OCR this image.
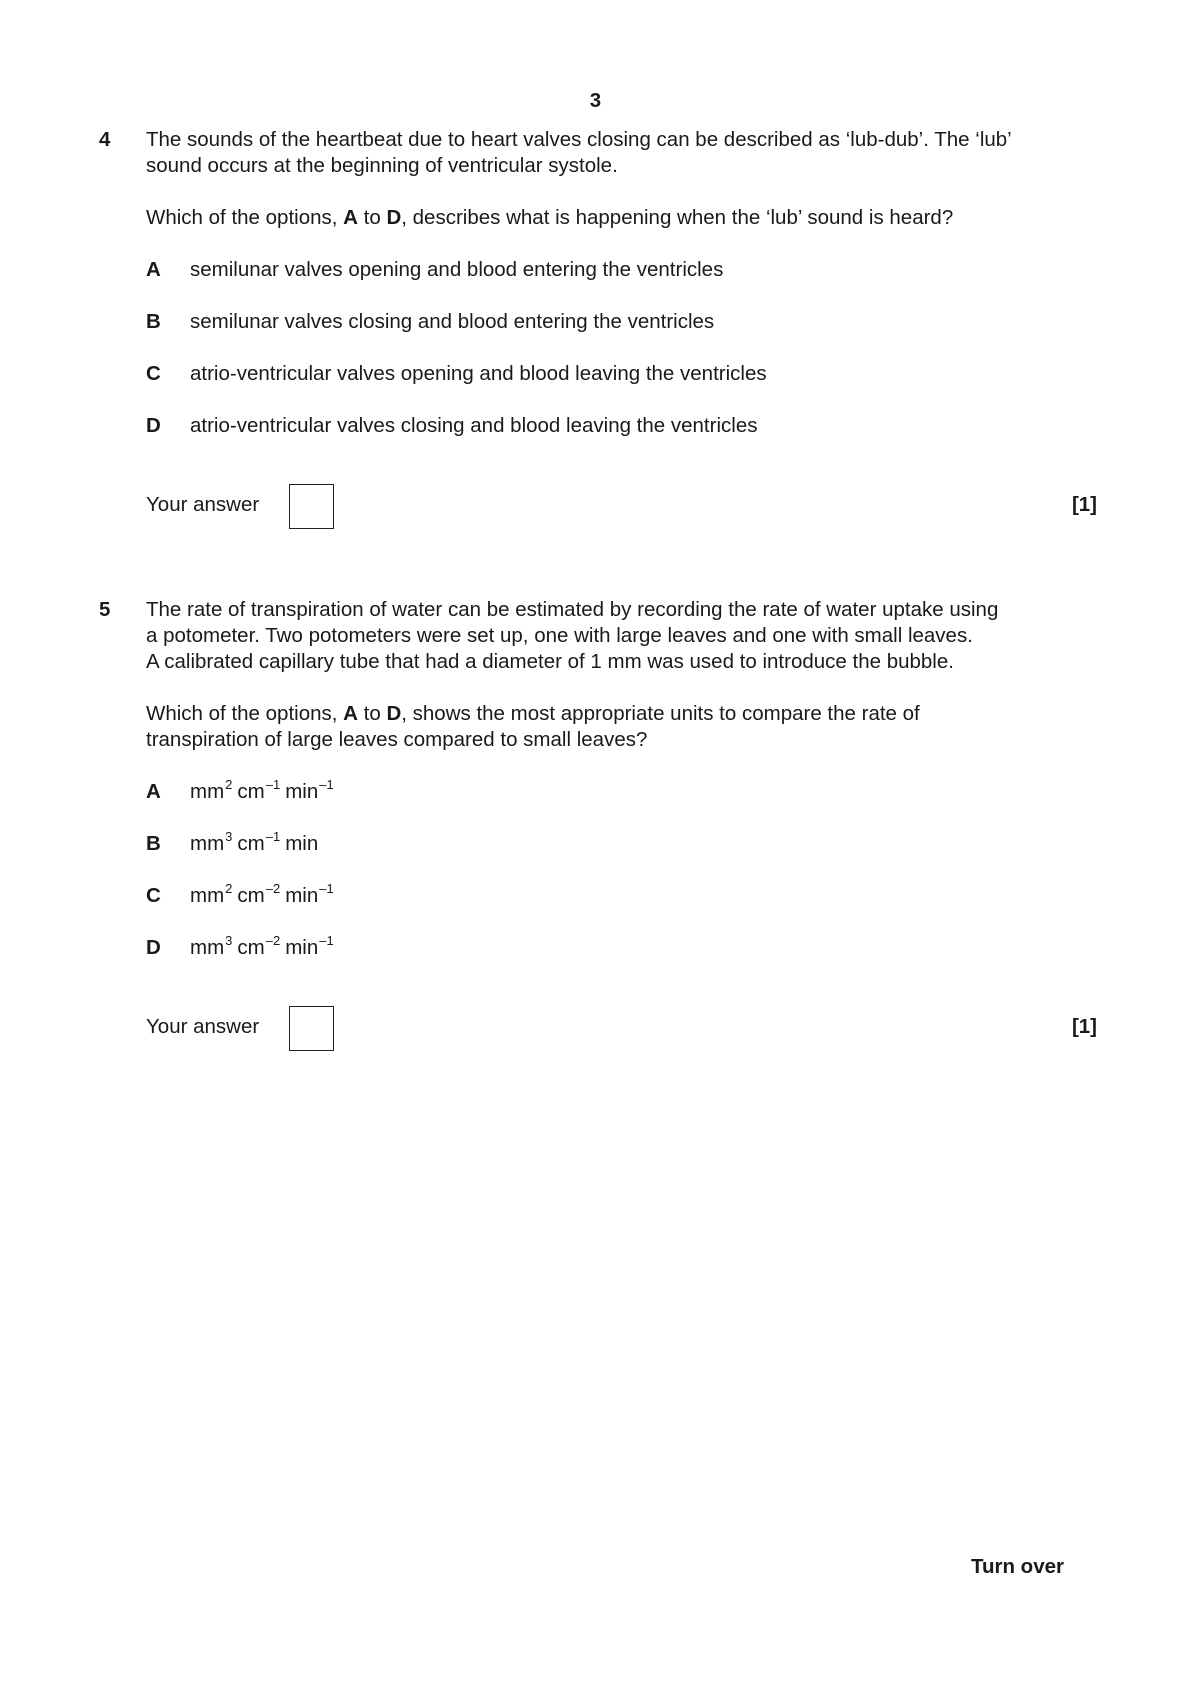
3
4 The sounds of the heartbeat due to heart valves closing can be described as ‘lub-dub’. The ‘lub’

sound occurs at the beginning of ventricular systole.

Which of the options, A to D, describes what is happening when the ‘lub’ sound is heard?

A semilunar valves opening and blood entering the ventricles
B semilunar valves closing and blood entering the ventricles
C atrio-ventricular valves opening and blood leaving the ventricles
D atrio-ventricular valves closing and blood leaving the ventricles
Your answer	[1]
5 The rate of transpiration of water can be estimated by recording the rate of water uptake using

a potometer. Two potometers were set up, one with large leaves and one with small leaves.

A calibrated capillary tube that had a diameter of 1 mm was used to introduce the bubble.

Which of the options, A to D, shows the most appropriate units to compare the rate of

transpiration of large leaves compared to small leaves?

A $mm^2$ $cm^{-1}$ $\min^{-1}$
B $mm^3$ $cm^{-1}$ min
C $mm^2$ $cm^{-2}$ $\min^{-1}$
D $mm^3$ $cm^{-2}$ $\min^{-1}$
Your answer	[1]
Turn over
